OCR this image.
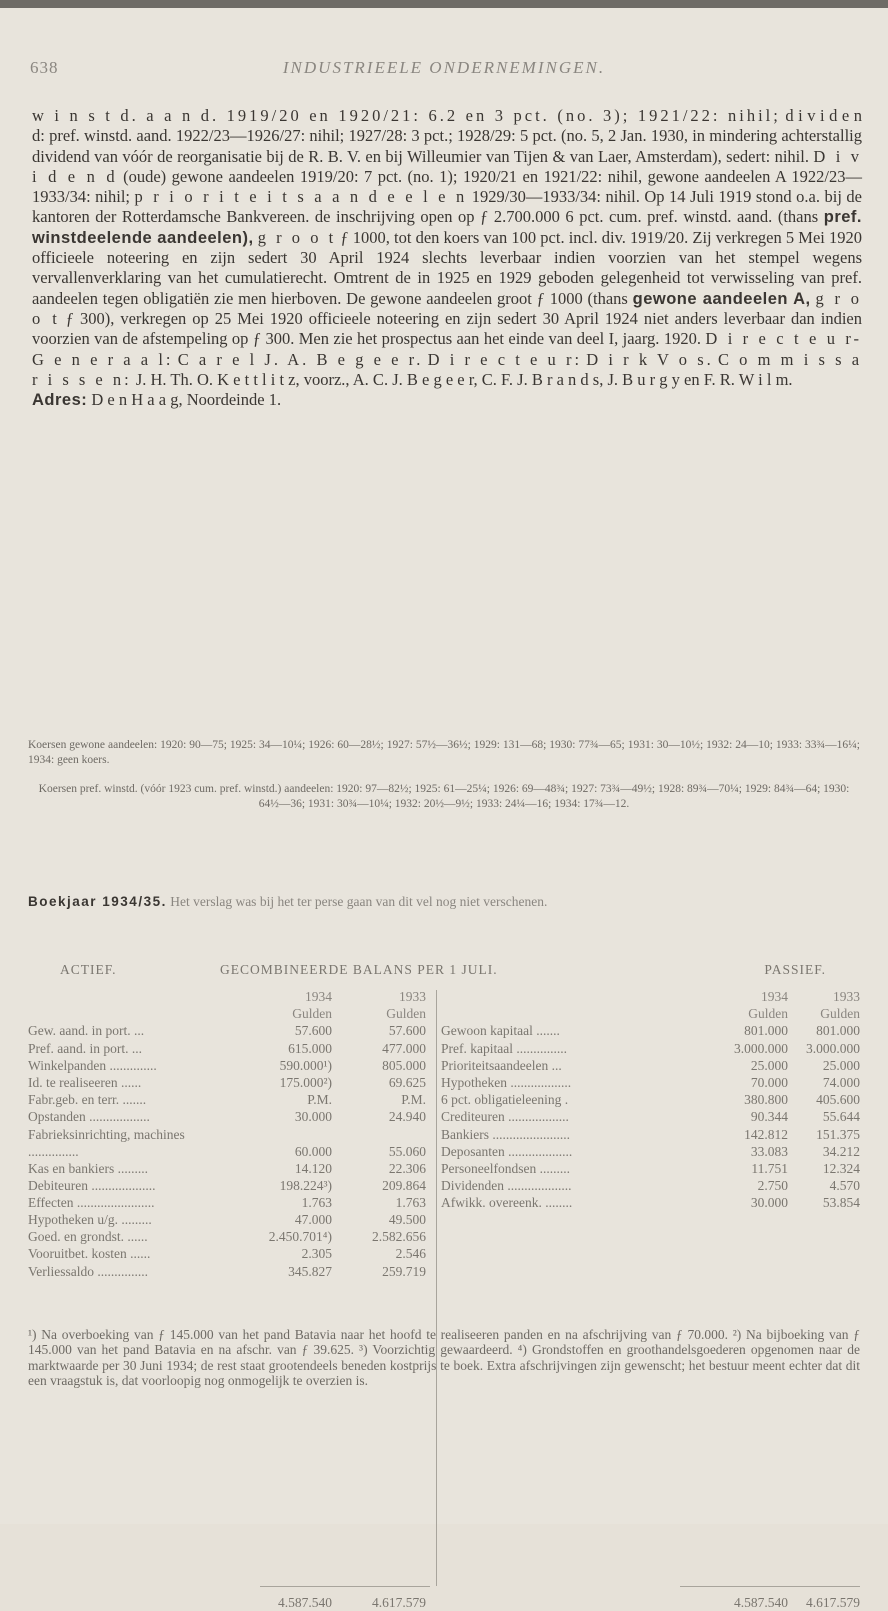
638	INDUSTRIEELE ONDERNEMINGEN.

w i n s t d. a a n d. 1919/20 en 1920/21: 6.2 en 3 pct. (no. 3); 1921/22: nihil; d i v i d e n d: pref. winstd. aand. 1922/23—1926/27: nihil; 1927/28: 3 pct.; 1928/29: 5 pct. (no. 5, 2 Jan. 1930, in mindering achterstallig dividend van vóór de reorganisatie bij de R. B. V. en bij Willeumier van Tijen & van Laer, Amsterdam), sedert: nihil. D i v i d e n d (oude) gewone aandeelen 1919/20: 7 pct. (no. 1); 1920/21 en 1921/22: nihil, gewone aandeelen A 1922/23—1933/34: nihil; p r i o r i t e i t s a a n d e e l e n 1929/30—1933/34: nihil. Op 14 Juli 1919 stond o.a. bij de kantoren der Rotterdamsche Bankvereen. de inschrijving open op ƒ 2.700.000 6 pct. cum. pref. winstd. aand. (thans pref. winstdeelende aandeelen), g r o o t ƒ 1000, tot den koers van 100 pct. incl. div. 1919/20. Zij verkregen 5 Mei 1920 officieele noteering en zijn sedert 30 April 1924 slechts leverbaar indien voorzien van het stempel wegens vervallenverklaring van het cumulatierecht. Omtrent de in 1925 en 1929 geboden gelegenheid tot verwisseling van pref. aandeelen tegen obligatiën zie men hierboven. De gewone aandeelen groot ƒ 1000 (thans gewone aandeelen A, g r o o t ƒ 300), verkregen op 25 Mei 1920 officieele noteering en zijn sedert 30 April 1924 niet anders leverbaar dan indien voorzien van de afstempeling op ƒ 300. Men zie het prospectus aan het einde van deel I, jaarg. 1920. D i r e c t e u r-G e n e r a a l: C a r e l J. A. B e g e e r. D i r e c t e u r: D i r k V o s. C o m m i s s a r i s s e n: J. H. Th. O. K e t t l i t z, voorz., A. C. J. B e g e e r, C. F. J. B r a n d s, J. B u r g y en F. R. W i l m.

Adres: D e n H a a g, Noordeinde 1.

Koersen gewone aandeelen: 1920: 90—75; 1925: 34—10¼; 1926: 60—28½; 1927: 57½—36½; 1929: 131—68; 1930: 77¾—65; 1931: 30—10½; 1932: 24—10; 1933: 33¾—16¼; 1934: geen koers.
Koersen pref. winstd. (vóór 1923 cum. pref. winstd.) aandeelen: 1920: 97—82½; 1925: 61—25¼; 1926: 69—48¾; 1927: 73¾—49½; 1928: 89¾—70¼; 1929: 84¾—64; 1930: 64½—36; 1931: 30¾—10¼; 1932: 20½—9½; 1933: 24¼—16; 1934: 17¾—12.
Boekjaar 1934/35. Het verslag was bij het ter perse gaan van dit vel nog niet verschenen.
ACTIEF.	GECOMBINEERDE BALANS PER 1 JULI.	PASSIEF.
1934	1933
Gulden	Gulden
Gew. aand. in port. ...	57.600	57.600
Pref. aand. in port. ...	615.000	477.000
Winkelpanden ..............	590.000¹)	805.000
Id. te realiseeren ......	175.000²)	69.625
Fabr.geb. en terr. .......	P.M.	P.M.
Opstanden ..................	30.000	24.940
Fabrieksinrichting, machines ...............	60.000	55.060
Kas en bankiers .........	14.120	22.306
Debiteuren ...................	198.224³)	209.864
Effecten .......................	1.763	1.763
Hypotheken u/g. .........	47.000	49.500
Goed. en grondst. ......	2.450.701⁴)	2.582.656
Vooruitbet. kosten ......	2.305	2.546
Verliessaldo ...............	345.827	259.719
1934	1933
Gulden	Gulden
Gewoon kapitaal .......	801.000	801.000
Pref. kapitaal ...............	3.000.000	3.000.000
Prioriteitsaandeelen ...	25.000	25.000
Hypotheken ..................	70.000	74.000
6 pct. obligatieleening .	380.800	405.600
Crediteuren ..................	90.344	55.644
Bankiers .......................	142.812	151.375
Deposanten ...................	33.083	34.212
Personeelfondsen .........	11.751	12.324
Dividenden ...................	2.750	4.570
Afwikk. overeenk. ........	30.000	53.854
4.587.540	4.617.579	4.587.540	4.617.579
¹) Na overboeking van ƒ 145.000 van het pand Batavia naar het hoofd te realiseeren panden en na afschrijving van ƒ 70.000. ²) Na bijboeking van ƒ 145.000 van het pand Batavia en na afschr. van ƒ 39.625. ³) Voorzichtig gewaardeerd. ⁴) Grondstoffen en groothandelsgoederen opgenomen naar de marktwaarde per 30 Juni 1934; de rest staat grootendeels beneden kostprijs te boek. Extra afschrijvingen zijn gewenscht; het bestuur meent echter dat dit een vraagstuk is, dat voorloopig nog onmogelijk te overzien is.
